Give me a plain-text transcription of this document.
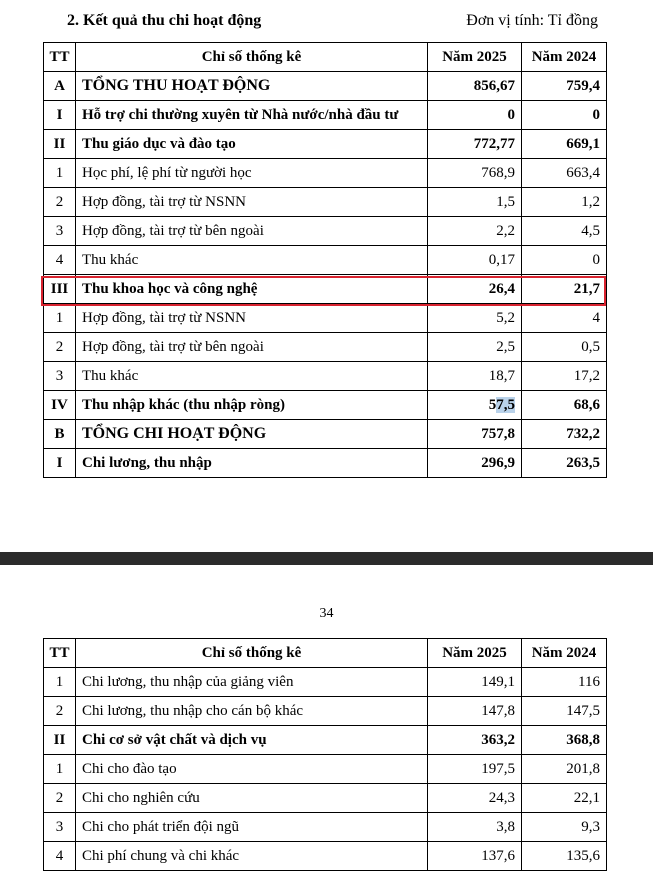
2. Kết quả thu chi hoạt động	Đơn vị tính: Tỉ đồng
TT	Chỉ số thống kê	Năm 2025	Năm 2024
A	TỔNG THU HOẠT ĐỘNG	856,67	759,4
I	Hỗ trợ chi thường xuyên từ Nhà nước/nhà đầu tư	0	0
II	Thu giáo dục và đào tạo	772,77	669,1
1	Học phí, lệ phí từ người học	768,9	663,4
2	Hợp đồng, tài trợ từ NSNN	1,5	1,2
3	Hợp đồng, tài trợ từ bên ngoài	2,2	4,5
4	Thu khác	0,17	0
III	Thu khoa học và công nghệ	26,4	21,7
1	Hợp đồng, tài trợ từ NSNN	5,2	4
2	Hợp đồng, tài trợ từ bên ngoài	2,5	0,5
3	Thu khác	18,7	17,2
IV	Thu nhập khác (thu nhập ròng)	57,5	68,6
B	TỔNG CHI HOẠT ĐỘNG	757,8	732,2
I	Chi lương, thu nhập	296,9	263,5
34
TT	Chỉ số thống kê	Năm 2025	Năm 2024
1	Chi lương, thu nhập của giảng viên	149,1	116
2	Chi lương, thu nhập cho cán bộ khác	147,8	147,5
II	Chi cơ sở vật chất và dịch vụ	363,2	368,8
1	Chi cho đào tạo	197,5	201,8
2	Chi cho nghiên cứu	24,3	22,1
3	Chi cho phát triển đội ngũ	3,8	9,3
4	Chi phí chung và chi khác	137,6	135,6
